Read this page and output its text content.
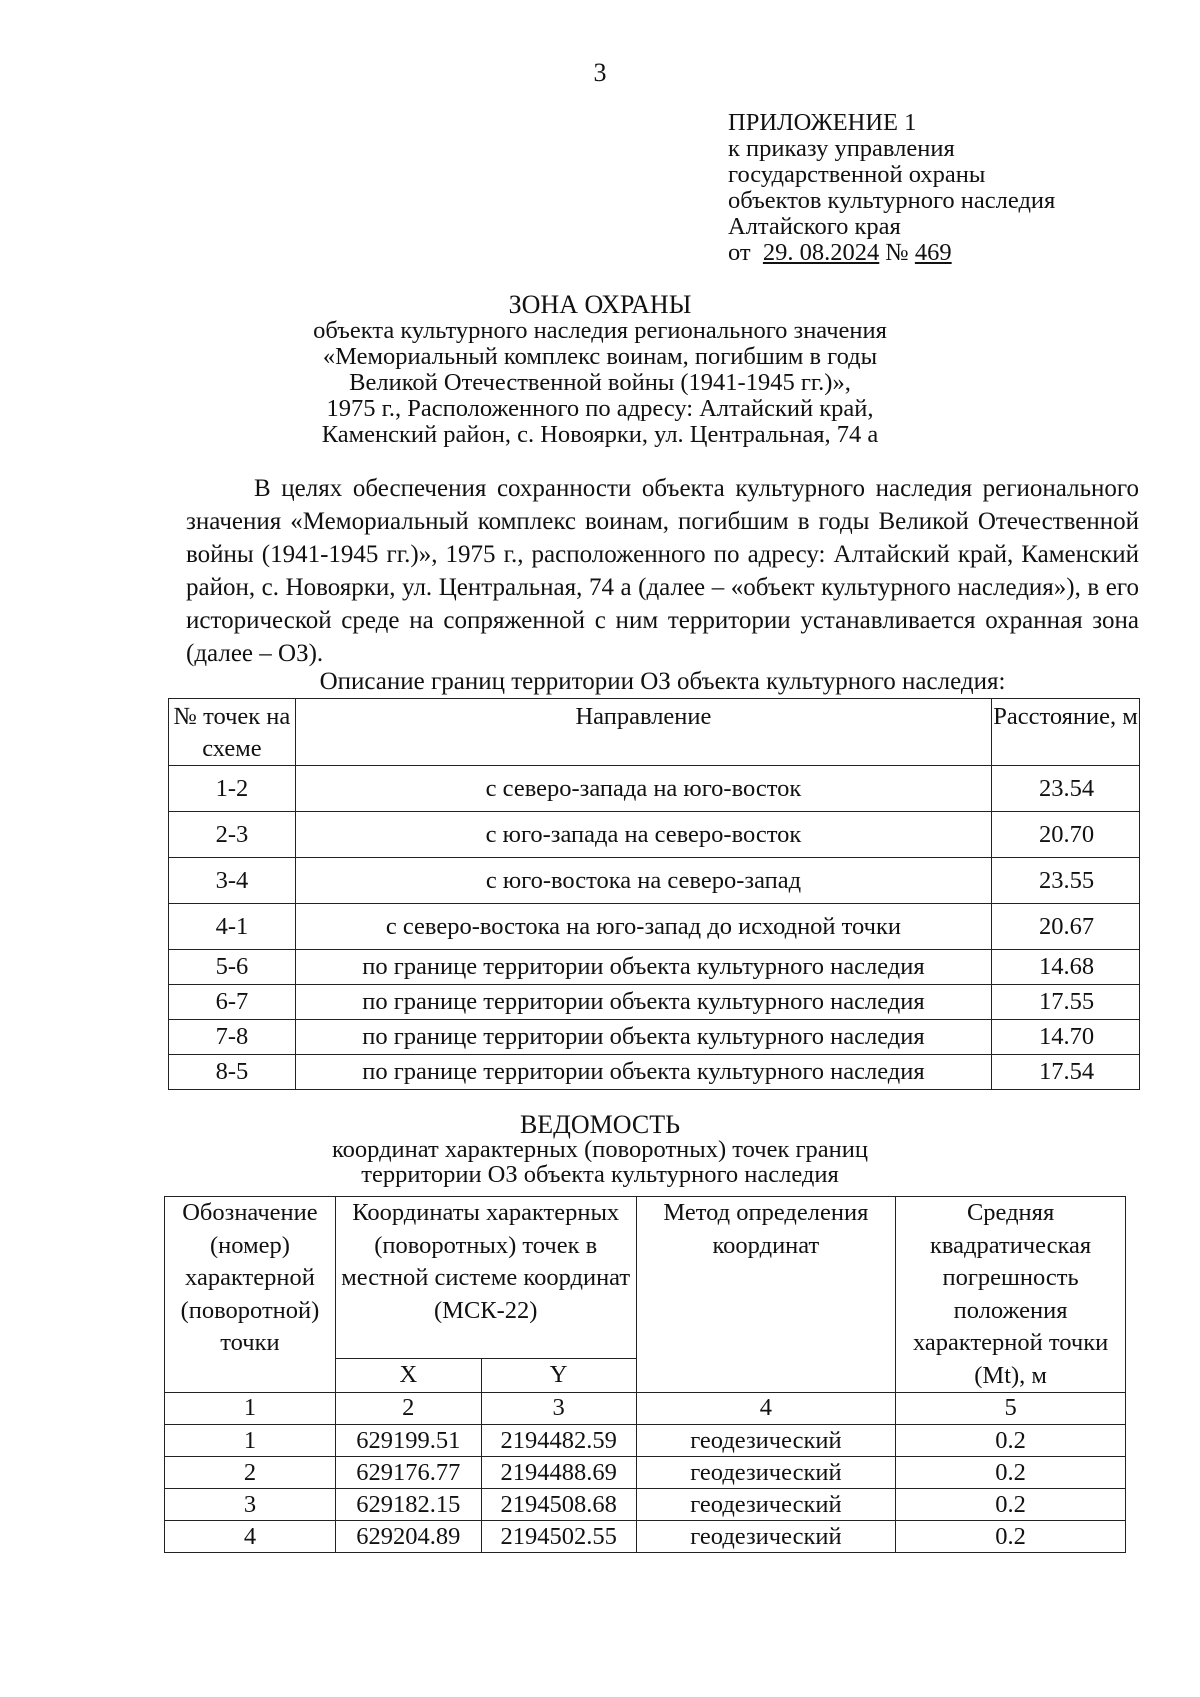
3
ПРИЛОЖЕНИЕ 1
к приказу управления
государственной охраны
объектов культурного наследия
Алтайского края
от 29. 08.2024 № 469
ЗОНА ОХРАНЫ
объекта культурного наследия регионального значения
«Мемориальный комплекс воинам, погибшим в годы
Великой Отечественной войны (1941-1945 гг.)»,
1975 г., Расположенного по адресу: Алтайский край,
Каменский район, с. Новоярки, ул. Центральная, 74 а
В целях обеспечения сохранности объекта культурного наследия регионального значения «Мемориальный комплекс воинам, погибшим в годы Великой Отечественной войны (1941-1945 гг.)», 1975 г., расположенного по адресу: Алтайский край, Каменский район, с. Новоярки, ул. Центральная, 74 а (далее – «объект культурного наследия»), в его исторической среде на сопряженной с ним территории устанавливается охранная зона (далее – ОЗ).
Описание границ территории ОЗ объекта культурного наследия:
№ точек на схеме	Направление	Расстояние, м
1-2	с северо-запада на юго-восток	23.54
2-3	с юго-запада на северо-восток	20.70
3-4	с юго-востока на северо-запад	23.55
4-1	с северо-востока на юго-запад до исходной точки	20.67
5-6	по границе территории объекта культурного наследия	14.68
6-7	по границе территории объекта культурного наследия	17.55
7-8	по границе территории объекта культурного наследия	14.70
8-5	по границе территории объекта культурного наследия	17.54
ВЕДОМОСТЬ
координат характерных (поворотных) точек границ
территории ОЗ объекта культурного наследия
Обозначение (номер) характерной (поворотной) точки	Координаты характерных (поворотных) точек в местной системе координат (МСК-22)		Метод определения координат	Средняя квадратическая погрешность положения характерной точки (Mt), м
	X	Y		
1	2	3	4	5
1	629199.51	2194482.59	геодезический	0.2
2	629176.77	2194488.69	геодезический	0.2
3	629182.15	2194508.68	геодезический	0.2
4	629204.89	2194502.55	геодезический	0.2
